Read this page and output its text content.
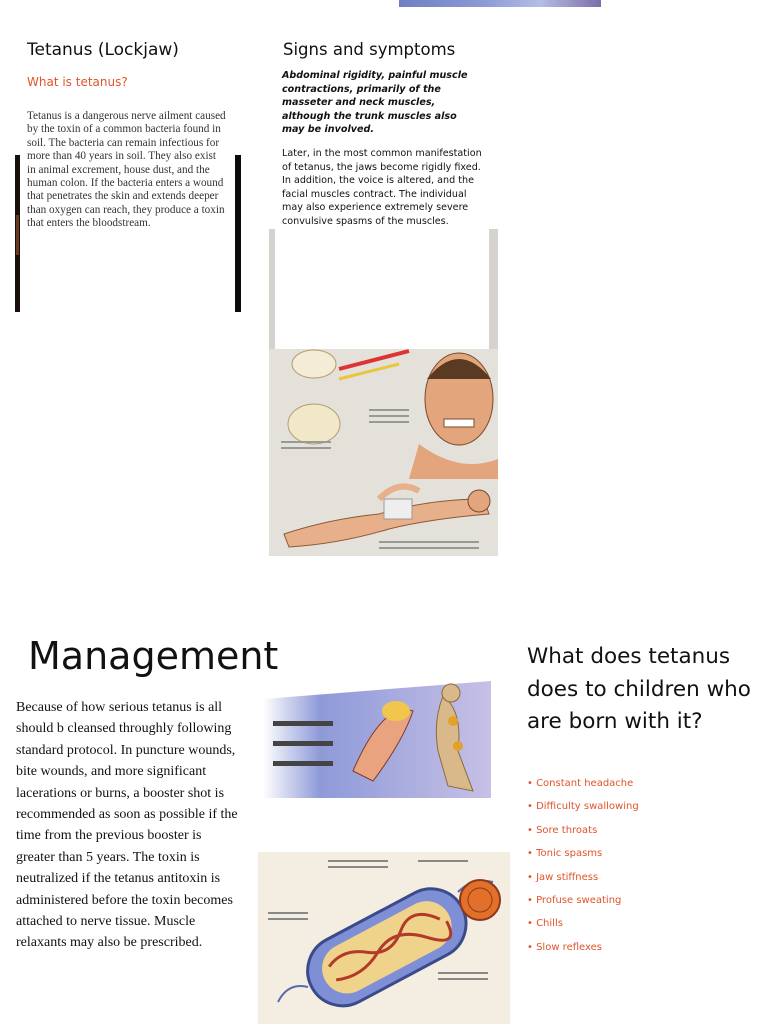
Tetanus (Lockjaw)
What is tetanus?

Tetanus is a dangerous nerve ailment caused by the toxin of a common bacteria found in soil. The bacteria can remain infectious for more than 40 years in soil. They also exist in animal excrement, house dust, and the human colon. If the bacteria enters a wound that penetrates the skin and extends deeper than oxygen can reach, they produce a toxin that enters the bloodstream.

Signs and symptoms

Abdominal rigidity, painful muscle contractions, primarily of the masseter and neck muscles, although the trunk muscles also may be involved.

Later, in the most common manifestation of tetanus, the jaws become rigidly fixed. In addition, the voice is altered, and the facial muscles contract. The individual may also experience extremely severe convulsive spasms of the muscles.

Management

Because of how serious tetanus is all should b cleansed throughly following standard protocol. In puncture wounds, bite wounds, and more significant lacerations or burns, a booster shot is recommended as soon as possible if the time from the previous booster is greater than 5 years. The toxin is neutralized if the tetanus antitoxin is administered before the toxin becomes attached to nerve tissue. Muscle relaxants may also be prescribed.

What does tetanus does to children who are born with it?
• Constant headache
• Difficulty swallowing
• Sore throats
• Tonic spasms
• Jaw stiffness
• Profuse sweating
• Chills
• Slow reflexes
